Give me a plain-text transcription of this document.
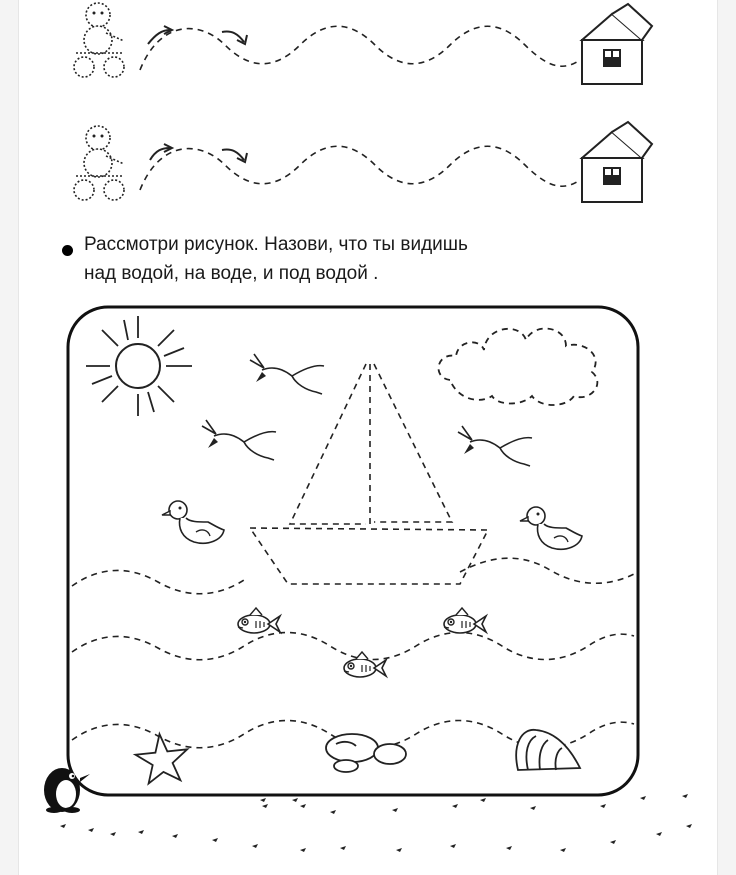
Рассмотри рисунок. Назови, что ты видишь
над водой, на воде, и под водой .
